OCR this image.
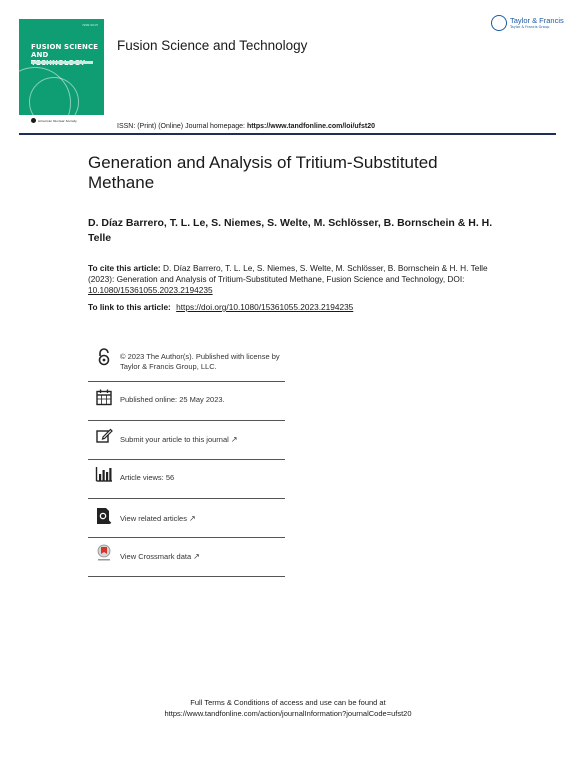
ISSN 0015
FUSION SCIENCE AND
American Nuclear Society
Fusion Science and Technology
Taylor & Francis
Taylor & Francis Group
ISSN: (Print) (Online) Journal homepage: https://www.tandfonline.com/loi/ufst20
Generation and Analysis of Tritium-Substituted Methane
D. Díaz Barrero, T. L. Le, S. Niemes, S. Welte, M. Schlösser, B. Bornschein & H. H. Telle
To cite this article: D. Díaz Barrero, T. L. Le, S. Niemes, S. Welte, M. Schlösser, B. Bornschein & H. H. Telle (2023): Generation and Analysis of Tritium-Substituted Methane, Fusion Science and Technology, DOI: 10.1080/15361055.2023.2194235
To link to this article: https://doi.org/10.1080/15361055.2023.2194235
© 2023 The Author(s). Published with license by Taylor & Francis Group, LLC.
Published online: 25 May 2023.
Submit your article to this journal ↗
Article views: 56
View related articles ↗
View Crossmark data ↗
Full Terms & Conditions of access and use can be found at
https://www.tandfonline.com/action/journalInformation?journalCode=ufst20
